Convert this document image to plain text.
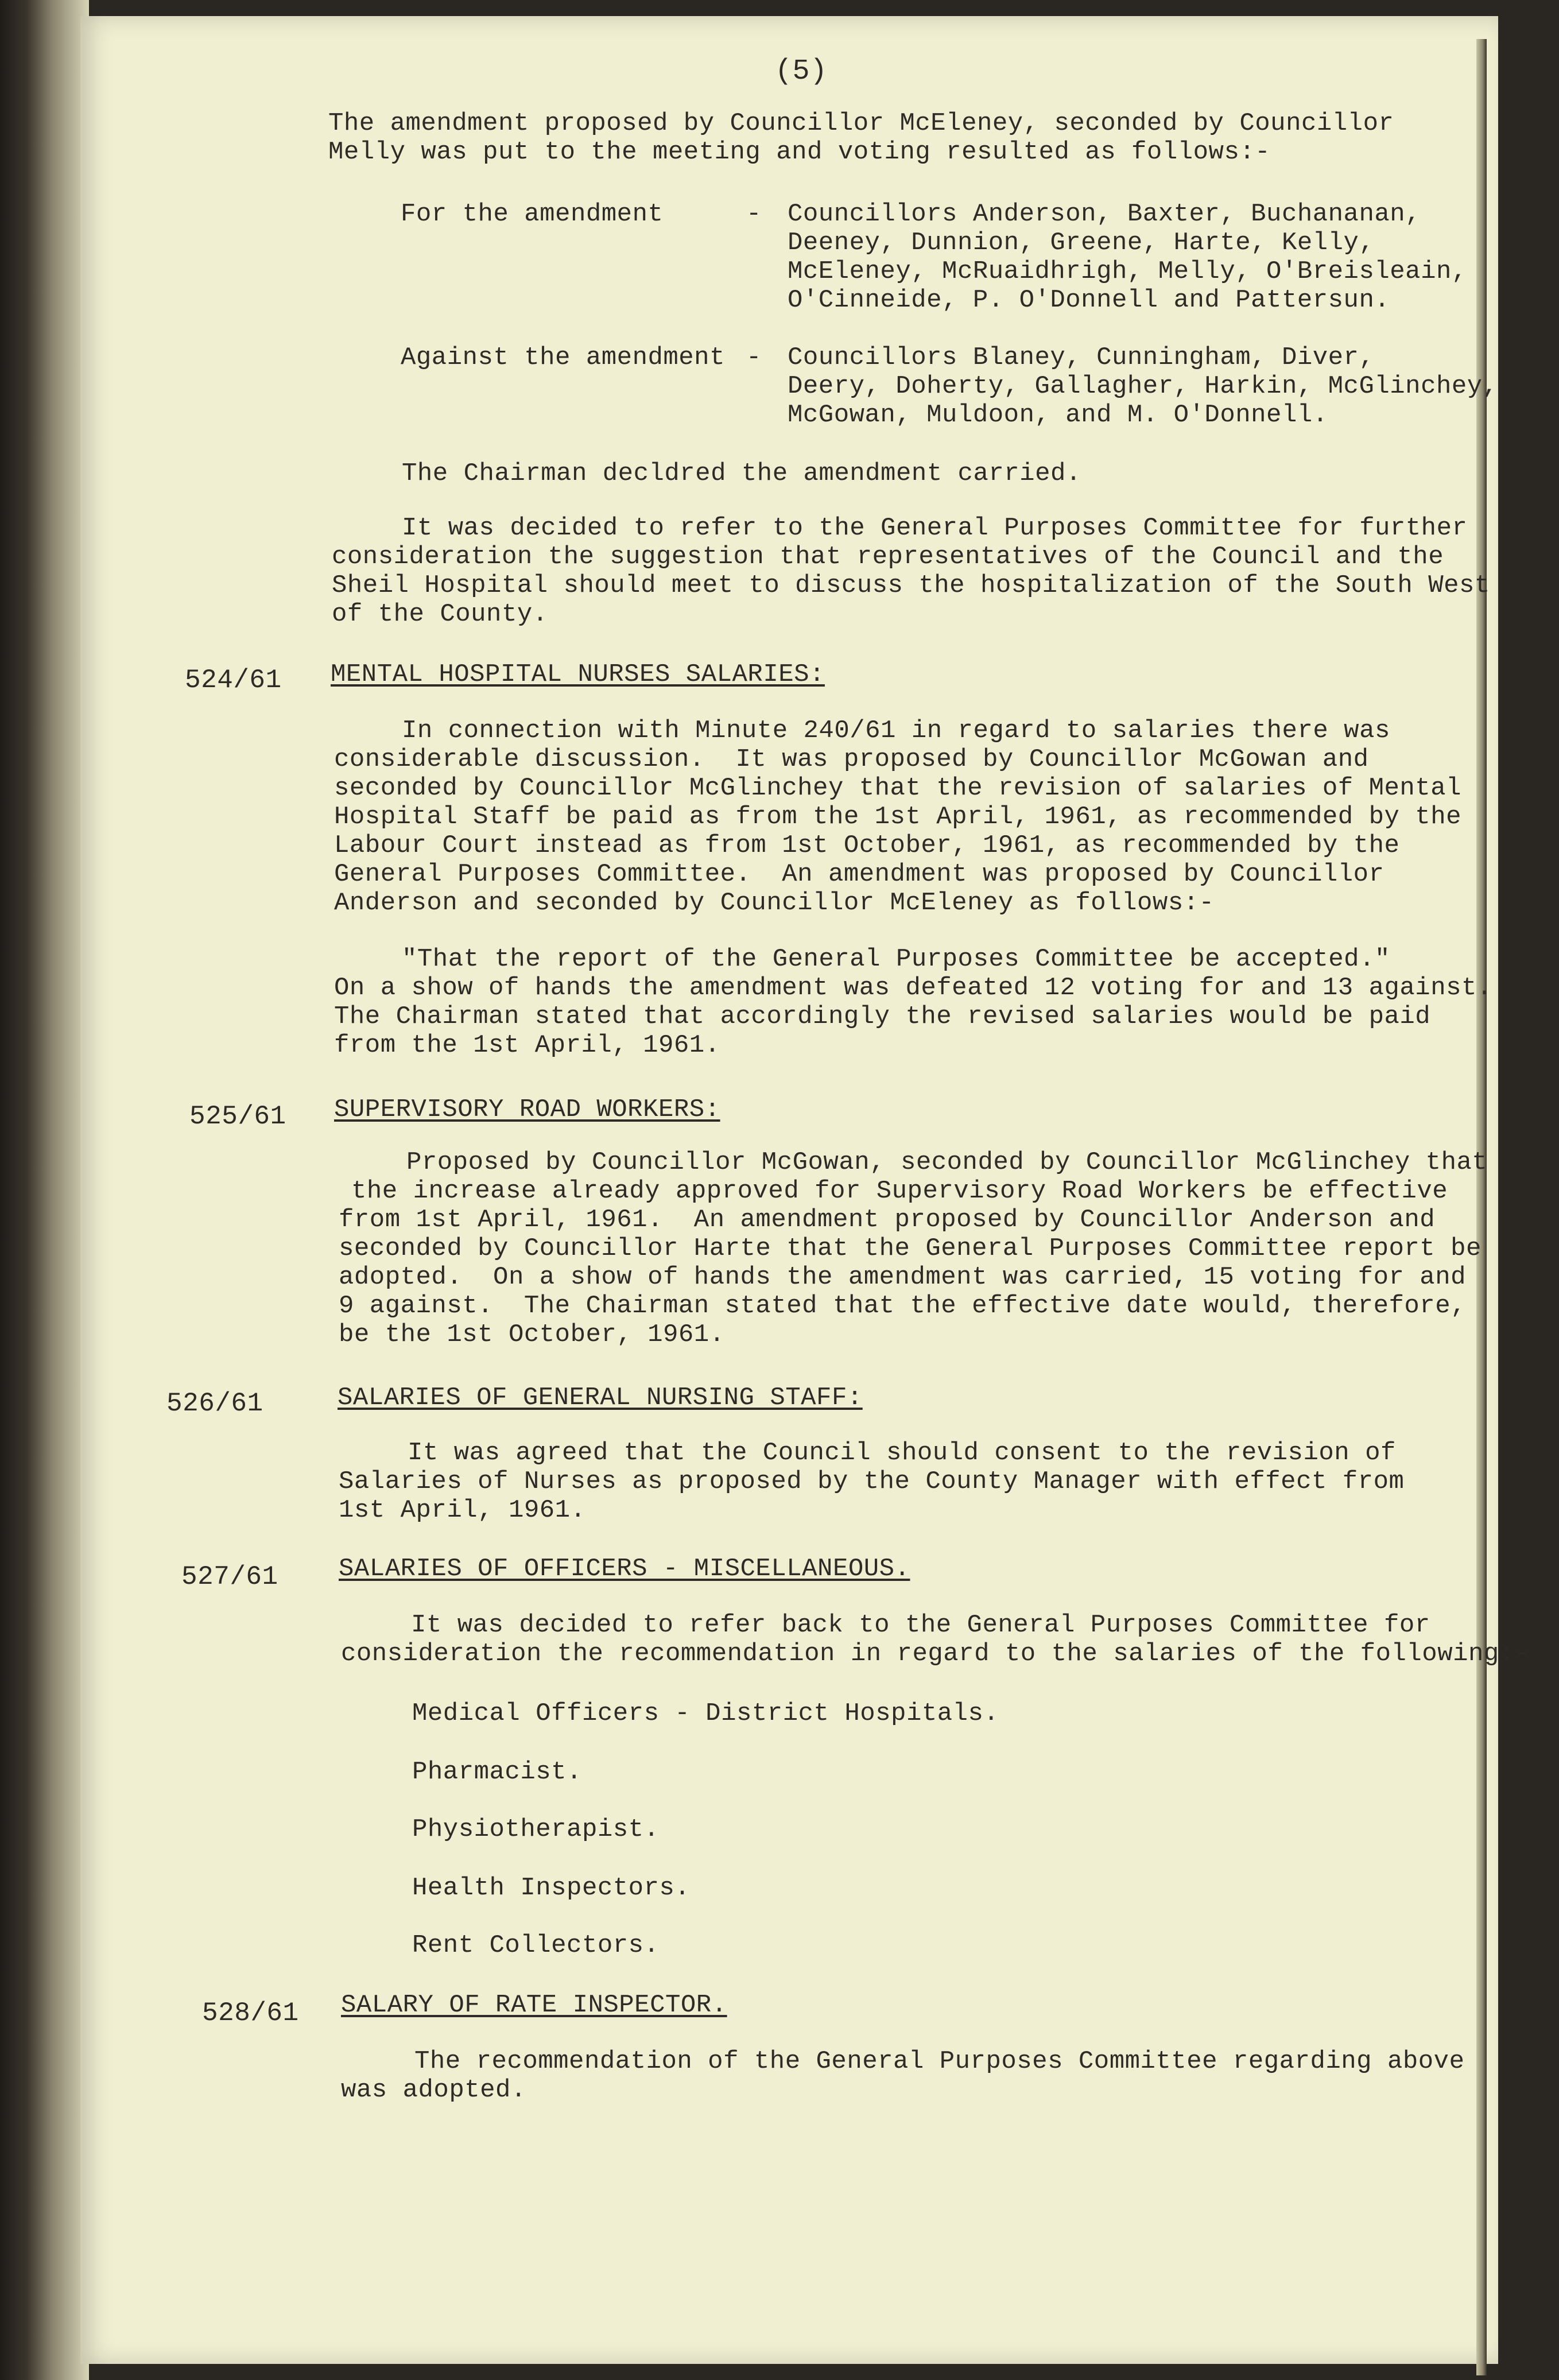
(5)
The amendment proposed by Councillor McEleney, seconded by Councillor
Melly was put to the meeting and voting resulted as follows:-
For the amendment	- Councillors Anderson, Baxter, Buchananan,
Deeney, Dunnion, Greene, Harte, Kelly,
McEleney, McRuaidhrigh, Melly, O'Breisleain,
O'Cinneide, P. O'Donnell and Pattersun.
Against the amendment - Councillors Blaney, Cunningham, Diver,
Deery, Doherty, Gallagher, Harkin, McGlinchey,
McGowan, Muldoon, and M. O'Donnell.
The Chairman decldred the amendment carried.
It was decided to refer to the General Purposes Committee for further
consideration the suggestion that representatives of the Council and the
Sheil Hospital should meet to discuss the hospitalization of the South West
of the County.
524/61 MENTAL HOSPITAL NURSES SALARIES:
In connection with Minute 240/61 in regard to salaries there was
considerable discussion.  It was proposed by Councillor McGowan and
seconded by Councillor McGlinchey that the revision of salaries of Mental
Hospital Staff be paid as from the 1st April, 1961, as recommended by the
Labour Court instead as from 1st October, 1961, as recommended by the
General Purposes Committee.  An amendment was proposed by Councillor
Anderson and seconded by Councillor McEleney as follows:-
"That the report of the General Purposes Committee be accepted."
On a show of hands the amendment was defeated 12 voting for and 13 against.
The Chairman stated that accordingly the revised salaries would be paid
from the 1st April, 1961.
525/61 SUPERVISORY ROAD WORKERS:
Proposed by Councillor McGowan, seconded by Councillor McGlinchey that
the increase already approved for Supervisory Road Workers be effective
from 1st April, 1961.  An amendment proposed by Councillor Anderson and
seconded by Councillor Harte that the General Purposes Committee report be
adopted.  On a show of hands the amendment was carried, 15 voting for and
9 against.  The Chairman stated that the effective date would, therefore,
be the 1st October, 1961.
526/61	SALARIES OF GENERAL NURSING STAFF:
It was agreed that the Council should consent to the revision of
Salaries of Nurses as proposed by the County Manager with effect from
1st April, 1961.
527/61 SALARIES OF OFFICERS - MISCELLANEOUS.
It was decided to refer back to the General Purposes Committee for
consideration the recommendation in regard to the salaries of the following:-
Medical Officers - District Hospitals.
Pharmacist.
Physiotherapist.
Health Inspectors.
Rent Collectors.
528/61 SALARY OF RATE INSPECTOR.
The recommendation of the General Purposes Committee regarding above
was adopted.
